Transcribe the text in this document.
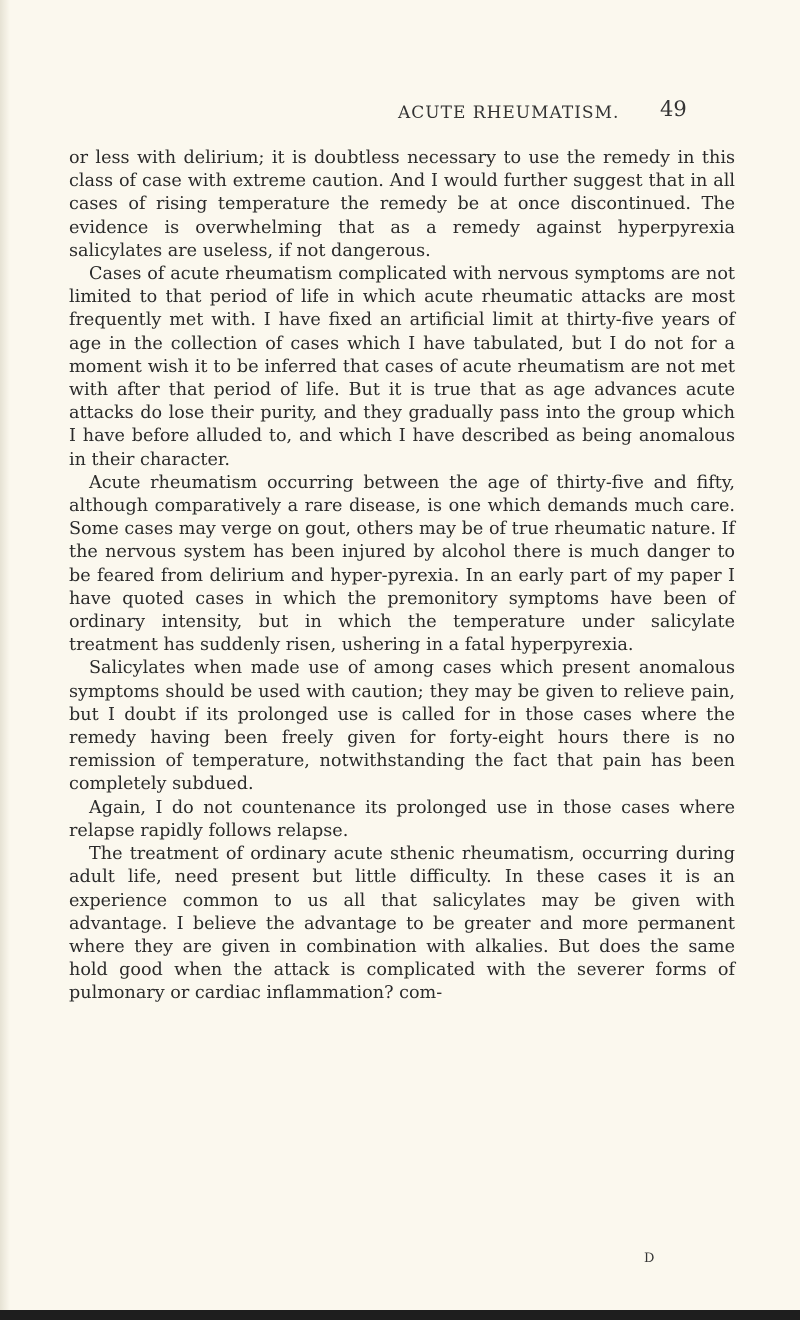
ACUTE RHEUMATISM. 49

or less with delirium; it is doubtless necessary to use the remedy in this class of case with extreme caution. And I would further suggest that in all cases of rising temperature the remedy be at once discontinued. The evidence is overwhelming that as a remedy against hyperpyrexia salicylates are useless, if not dangerous.

Cases of acute rheumatism complicated with nervous symptoms are not limited to that period of life in which acute rheumatic attacks are most frequently met with. I have fixed an artificial limit at thirty-five years of age in the collection of cases which I have tabulated, but I do not for a moment wish it to be inferred that cases of acute rheumatism are not met with after that period of life. But it is true that as age advances acute attacks do lose their purity, and they gradually pass into the group which I have before alluded to, and which I have described as being anomalous in their character.

Acute rheumatism occurring between the age of thirty-five and fifty, although comparatively a rare disease, is one which demands much care. Some cases may verge on gout, others may be of true rheumatic nature. If the nervous system has been injured by alcohol there is much danger to be feared from delirium and hyper-pyrexia. In an early part of my paper I have quoted cases in which the premonitory symptoms have been of ordinary intensity, but in which the temperature under salicylate treatment has suddenly risen, ushering in a fatal hyperpyrexia.

Salicylates when made use of among cases which present anomalous symptoms should be used with caution; they may be given to relieve pain, but I doubt if its prolonged use is called for in those cases where the remedy having been freely given for forty-eight hours there is no remission of temperature, notwithstanding the fact that pain has been completely subdued.

Again, I do not countenance its prolonged use in those cases where relapse rapidly follows relapse.

The treatment of ordinary acute sthenic rheumatism, occurring during adult life, need present but little difficulty. In these cases it is an experience common to us all that salicylates may be given with advantage. I believe the advantage to be greater and more permanent where they are given in combination with alkalies. But does the same hold good when the attack is complicated with the severer forms of pulmonary or cardiac inflammation? com-

D
